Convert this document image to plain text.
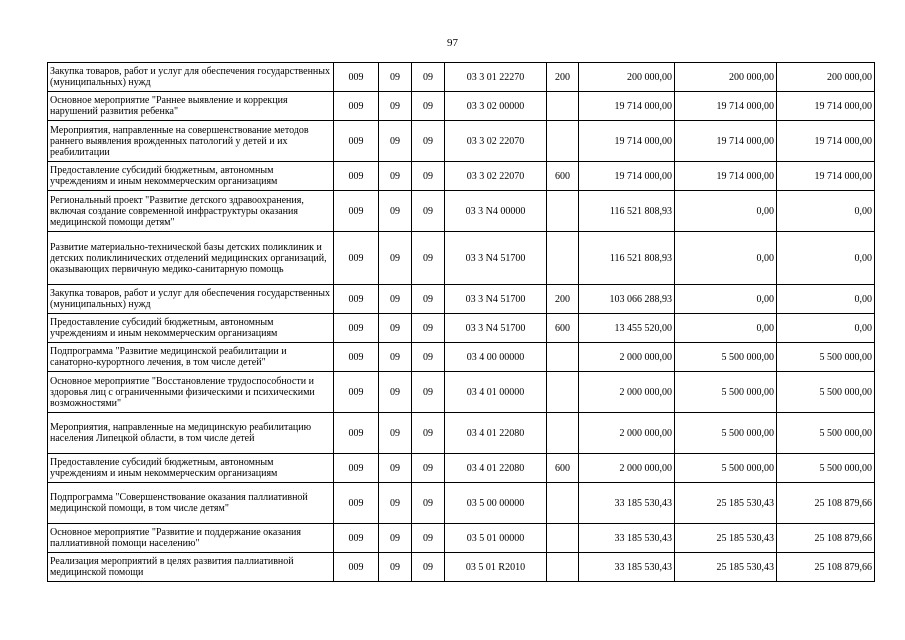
97
Закупка товаров, работ и услуг для обеспечения государственных (муниципальных) нужд	009	09	09	03 3 01 22270	200	200 000,00	200 000,00	200 000,00
Основное мероприятие "Раннее выявление и коррекция нарушений развития ребенка"	009	09	09	03 3 02 00000		19 714 000,00	19 714 000,00	19 714 000,00
Мероприятия, направленные на совершенствование методов раннего выявления врожденных патологий у детей и их реабилитации	009	09	09	03 3 02 22070		19 714 000,00	19 714 000,00	19 714 000,00
Предоставление субсидий бюджетным, автономным учреждениям и иным некоммерческим организациям	009	09	09	03 3 02 22070	600	19 714 000,00	19 714 000,00	19 714 000,00
Региональный проект "Развитие детского здравоохранения, включая создание современной инфраструктуры оказания медицинской помощи детям"	009	09	09	03 3 N4 00000		116 521 808,93	0,00	0,00
Развитие материально-технической базы детских поликлиник и детских поликлинических отделений медицинских организаций, оказывающих первичную медико-санитарную помощь	009	09	09	03 3 N4 51700		116 521 808,93	0,00	0,00
Закупка товаров, работ и услуг для обеспечения государственных (муниципальных) нужд	009	09	09	03 3 N4 51700	200	103 066 288,93	0,00	0,00
Предоставление субсидий бюджетным, автономным учреждениям и иным некоммерческим организациям	009	09	09	03 3 N4 51700	600	13 455 520,00	0,00	0,00
Подпрограмма "Развитие медицинской реабилитации и санаторно-курортного лечения, в том числе детей"	009	09	09	03 4 00 00000		2 000 000,00	5 500 000,00	5 500 000,00
Основное мероприятие "Восстановление трудоспособности и здоровья лиц с ограниченными физическими и психическими возможностями"	009	09	09	03 4 01 00000		2 000 000,00	5 500 000,00	5 500 000,00
Мероприятия, направленные на медицинскую реабилитацию населения Липецкой области, в том числе детей	009	09	09	03 4 01 22080		2 000 000,00	5 500 000,00	5 500 000,00
Предоставление субсидий бюджетным, автономным учреждениям и иным некоммерческим организациям	009	09	09	03 4 01 22080	600	2 000 000,00	5 500 000,00	5 500 000,00
Подпрограмма "Совершенствование оказания паллиативной медицинской помощи, в том числе детям"	009	09	09	03 5 00 00000		33 185 530,43	25 185 530,43	25 108 879,66
Основное мероприятие "Развитие и поддержание оказания паллиативной помощи населению"	009	09	09	03 5 01 00000		33 185 530,43	25 185 530,43	25 108 879,66
Реализация мероприятий в целях развития паллиативной медицинской помощи	009	09	09	03 5 01 R2010		33 185 530,43	25 185 530,43	25 108 879,66
